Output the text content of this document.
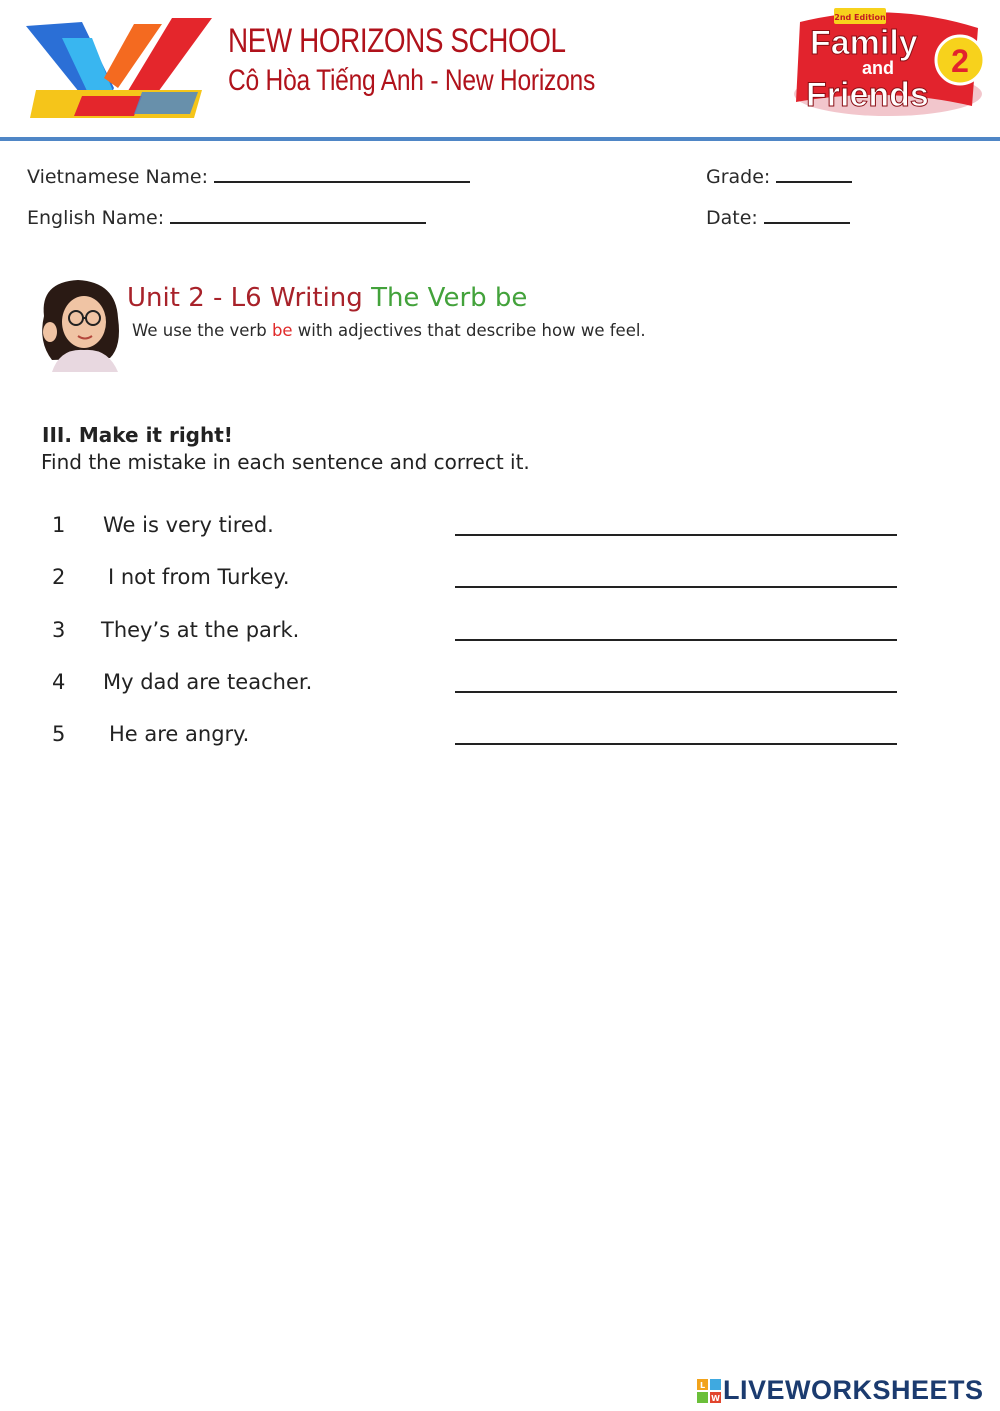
NEW HORIZONS SCHOOL
Cô Hòa Tiếng Anh - New Horizons
2nd Edition
Family
and
Friends
2
Vietnamese Name:
English Name:
Grade:
Date:
Unit 2 - L6 Writing The Verb be
We use the verb be with adjectives that describe how we feel.
III. Make it right!
Find the mistake in each sentence and correct it.
1 We is very tired.
2 I not from Turkey.
3 They’s at the park.
4 My dad are teacher.
5 He are angry.
L
W LIVEWORKSHEETS
